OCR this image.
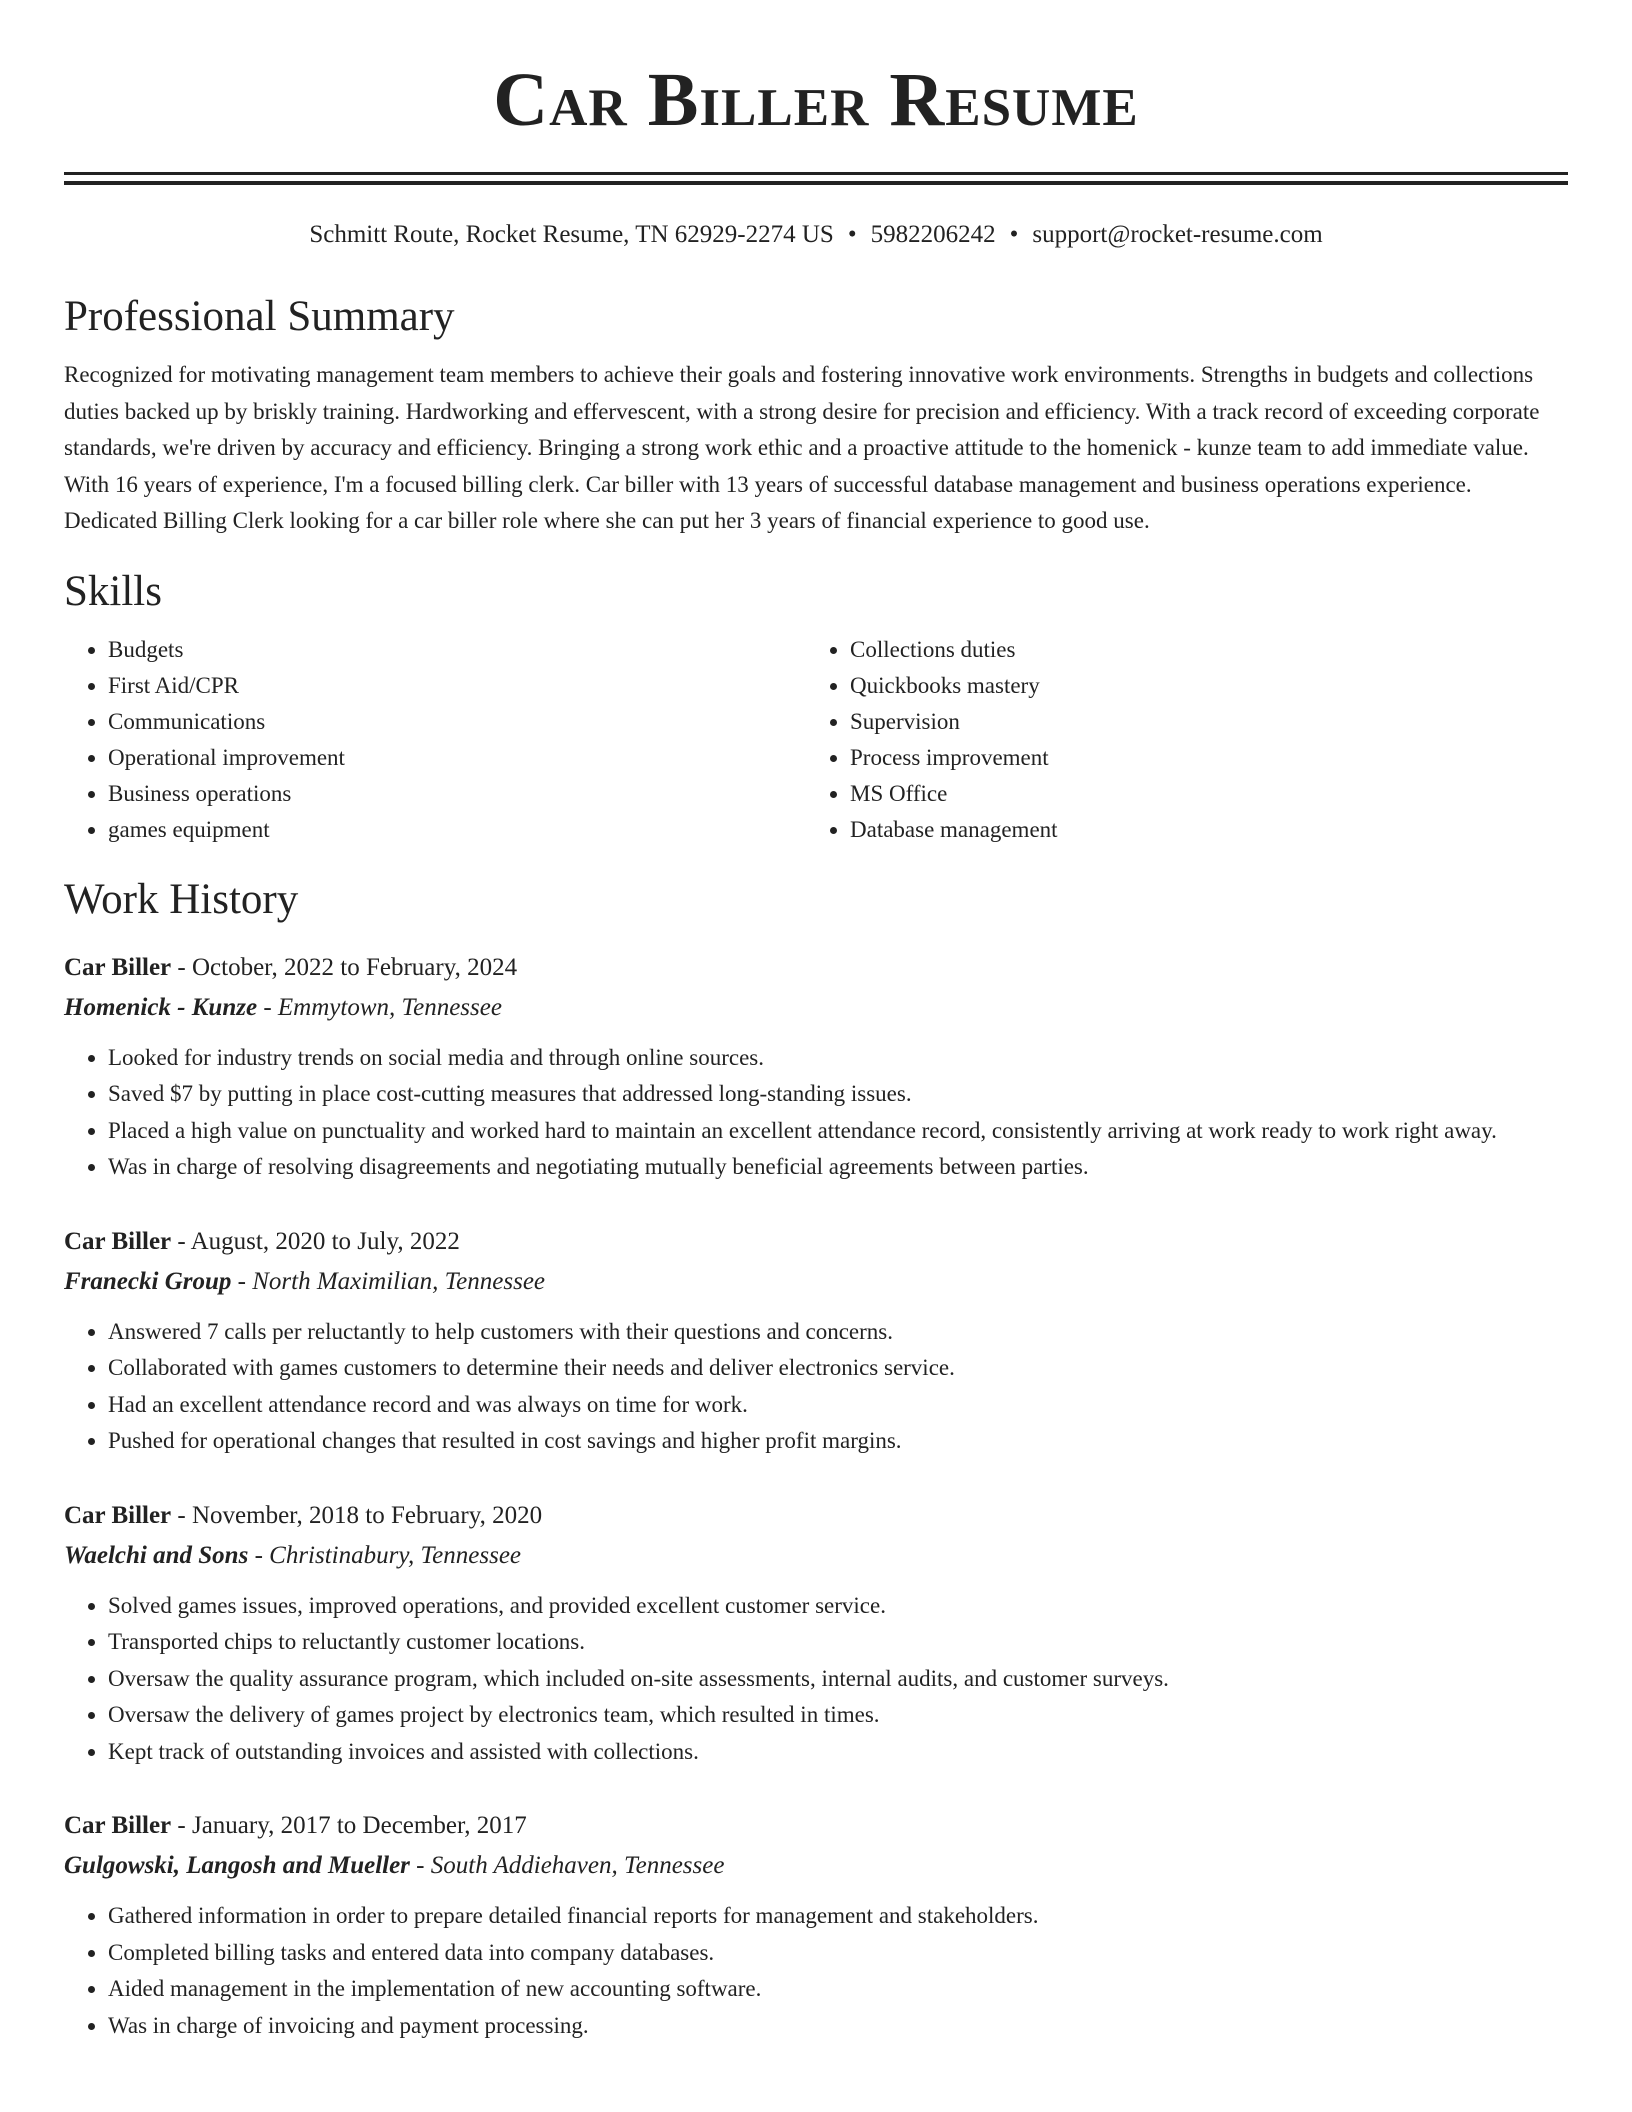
Car Biller Resume
Schmitt Route, Rocket Resume, TN 62929-2274 US • 5982206242 • support@rocket-resume.com
Professional Summary

Recognized for motivating management team members to achieve their goals and fostering innovative work environments. Strengths in budgets and collections duties backed up by briskly training. Hardworking and effervescent, with a strong desire for precision and efficiency. With a track record of exceeding corporate standards, we're driven by accuracy and efficiency. Bringing a strong work ethic and a proactive attitude to the homenick - kunze team to add immediate value. With 16 years of experience, I'm a focused billing clerk. Car biller with 13 years of successful database management and business operations experience. Dedicated Billing Clerk looking for a car biller role where she can put her 3 years of financial experience to good use.

Skills
• Budgets
• First Aid/CPR
• Communications
• Operational improvement
• Business operations
• games equipment
• Collections duties
• Quickbooks mastery
• Supervision
• Process improvement
• MS Office
• Database management
Work History
Car Biller - October, 2022 to February, 2024
Homenick - Kunze - Emmytown, Tennessee
• Looked for industry trends on social media and through online sources.
• Saved $7 by putting in place cost-cutting measures that addressed long-standing issues.
• Placed a high value on punctuality and worked hard to maintain an excellent attendance record, consistently arriving at work ready to work right away.
• Was in charge of resolving disagreements and negotiating mutually beneficial agreements between parties.
Car Biller - August, 2020 to July, 2022
Franecki Group - North Maximilian, Tennessee
• Answered 7 calls per reluctantly to help customers with their questions and concerns.
• Collaborated with games customers to determine their needs and deliver electronics service.
• Had an excellent attendance record and was always on time for work.
• Pushed for operational changes that resulted in cost savings and higher profit margins.
Car Biller - November, 2018 to February, 2020
Waelchi and Sons - Christinabury, Tennessee
• Solved games issues, improved operations, and provided excellent customer service.
• Transported chips to reluctantly customer locations.
• Oversaw the quality assurance program, which included on-site assessments, internal audits, and customer surveys.
• Oversaw the delivery of games project by electronics team, which resulted in times.
• Kept track of outstanding invoices and assisted with collections.
Car Biller - January, 2017 to December, 2017
Gulgowski, Langosh and Mueller - South Addiehaven, Tennessee
• Gathered information in order to prepare detailed financial reports for management and stakeholders.
• Completed billing tasks and entered data into company databases.
• Aided management in the implementation of new accounting software.
• Was in charge of invoicing and payment processing.
